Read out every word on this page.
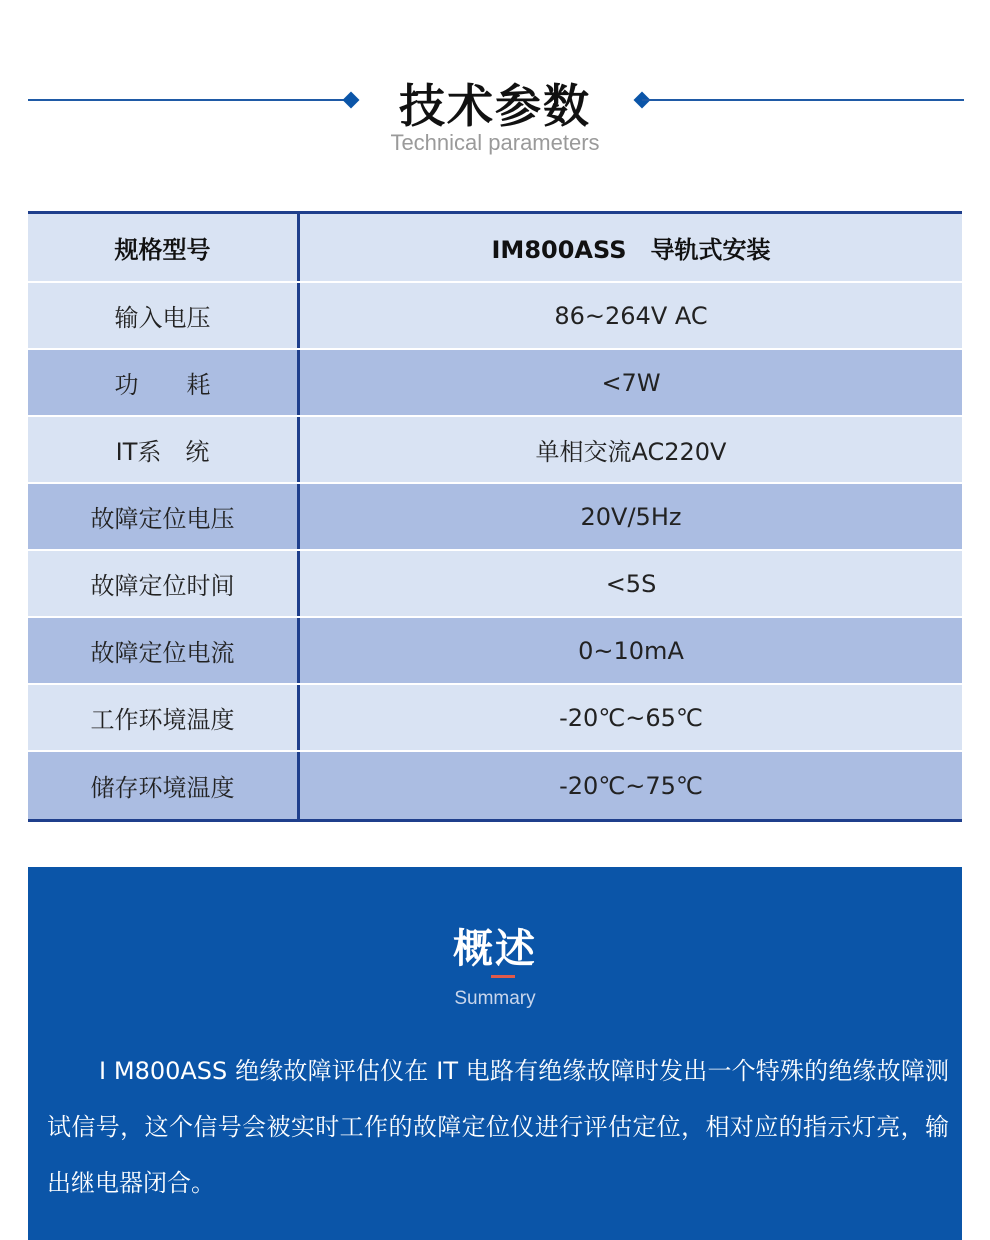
技术参数
Technical parameters
规格型号	IM800ASS　导轨式安装
输入电压	86~264V AC
功　　耗	<7W
IT系　统	单相交流AC220V
故障定位电压	20V/5Hz
故障定位时间	<5S
故障定位电流	0~10mA
工作环境温度	-20℃~65℃
储存环境温度	-20℃~75℃
概述
Summary

I M800ASS 绝缘故障评估仪在 IT 电路有绝缘故障时发出一个特殊的绝缘故障测试信号，这个信号会被实时工作的故障定位仪进行评估定位，相对应的指示灯亮，输出继电器闭合。
